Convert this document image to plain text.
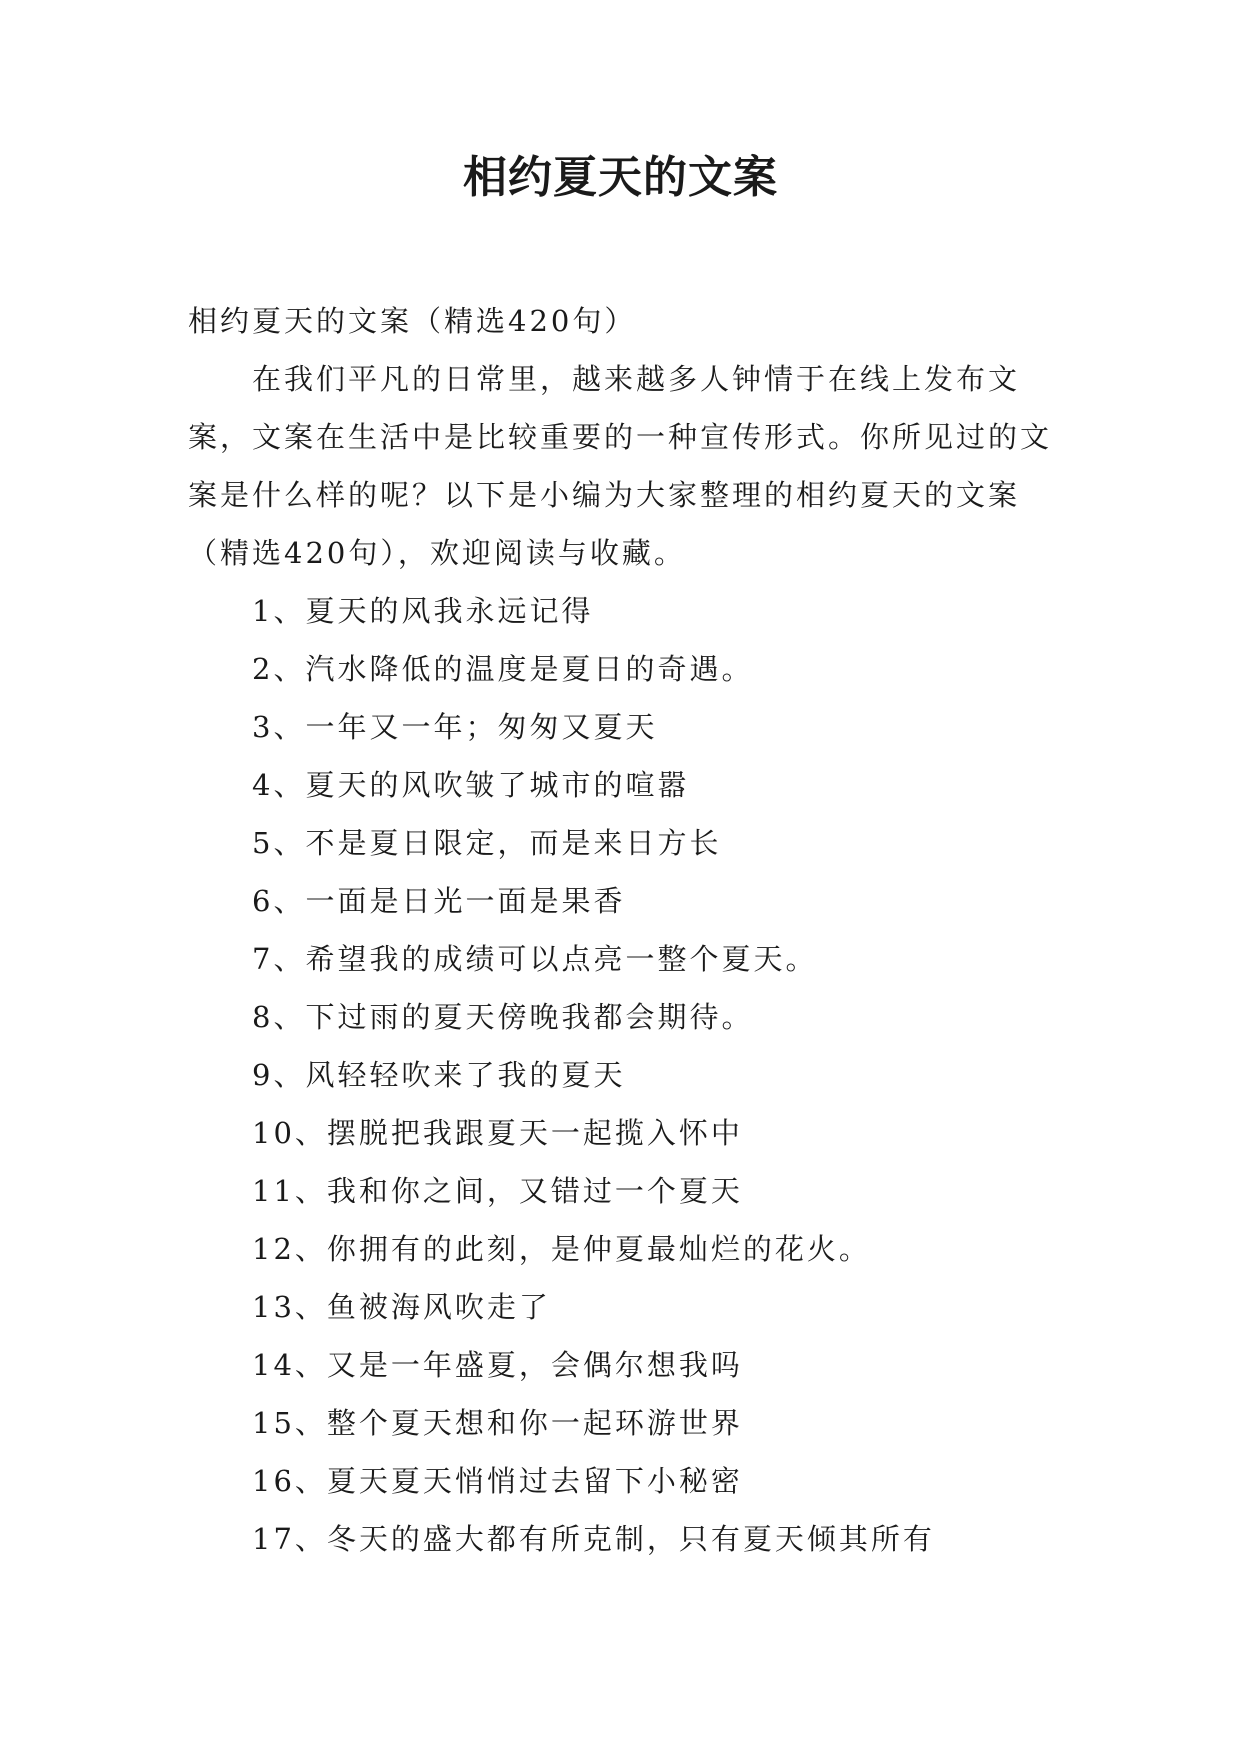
相约夏天的文案

相约夏天的文案（精选420句）

在我们平凡的日常里，越来越多人钟情于在线上发布文案，文案在生活中是比较重要的一种宣传形式。你所见过的文案是什么样的呢？以下是小编为大家整理的相约夏天的文案（精选420句），欢迎阅读与收藏。

1、夏天的风我永远记得
2、汽水降低的温度是夏日的奇遇。
3、一年又一年；匆匆又夏天
4、夏天的风吹皱了城市的喧嚣
5、不是夏日限定，而是来日方长
6、一面是日光一面是果香
7、希望我的成绩可以点亮一整个夏天。
8、下过雨的夏天傍晚我都会期待。
9、风轻轻吹来了我的夏天
10、摆脱把我跟夏天一起揽入怀中
11、我和你之间，又错过一个夏天
12、你拥有的此刻，是仲夏最灿烂的花火。
13、鱼被海风吹走了
14、又是一年盛夏，会偶尔想我吗
15、整个夏天想和你一起环游世界
16、夏天夏天悄悄过去留下小秘密
17、冬天的盛大都有所克制，只有夏天倾其所有
